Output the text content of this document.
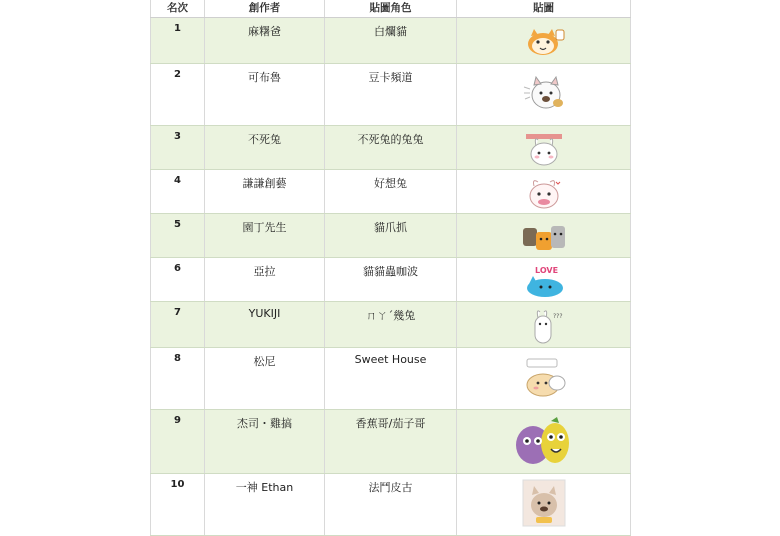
名次	創作者	貼圖角色	貼圖
1	麻糬爸	白爛貓	

2	可布魯	豆卡頻道	

3	不死兔	不死兔的兔兔	

4	謙謙創藝	好想兔	

5	園丁先生	貓爪抓	

6	亞拉	貓貓蟲咖波	LOVE

7	YUKIJI	ㄇㄚˊ幾兔	???

8	松尼	Sweet House	

9	杰司・雞搞	香蕉哥/茄子哥	

10	一神 Ethan	法鬥皮古	
